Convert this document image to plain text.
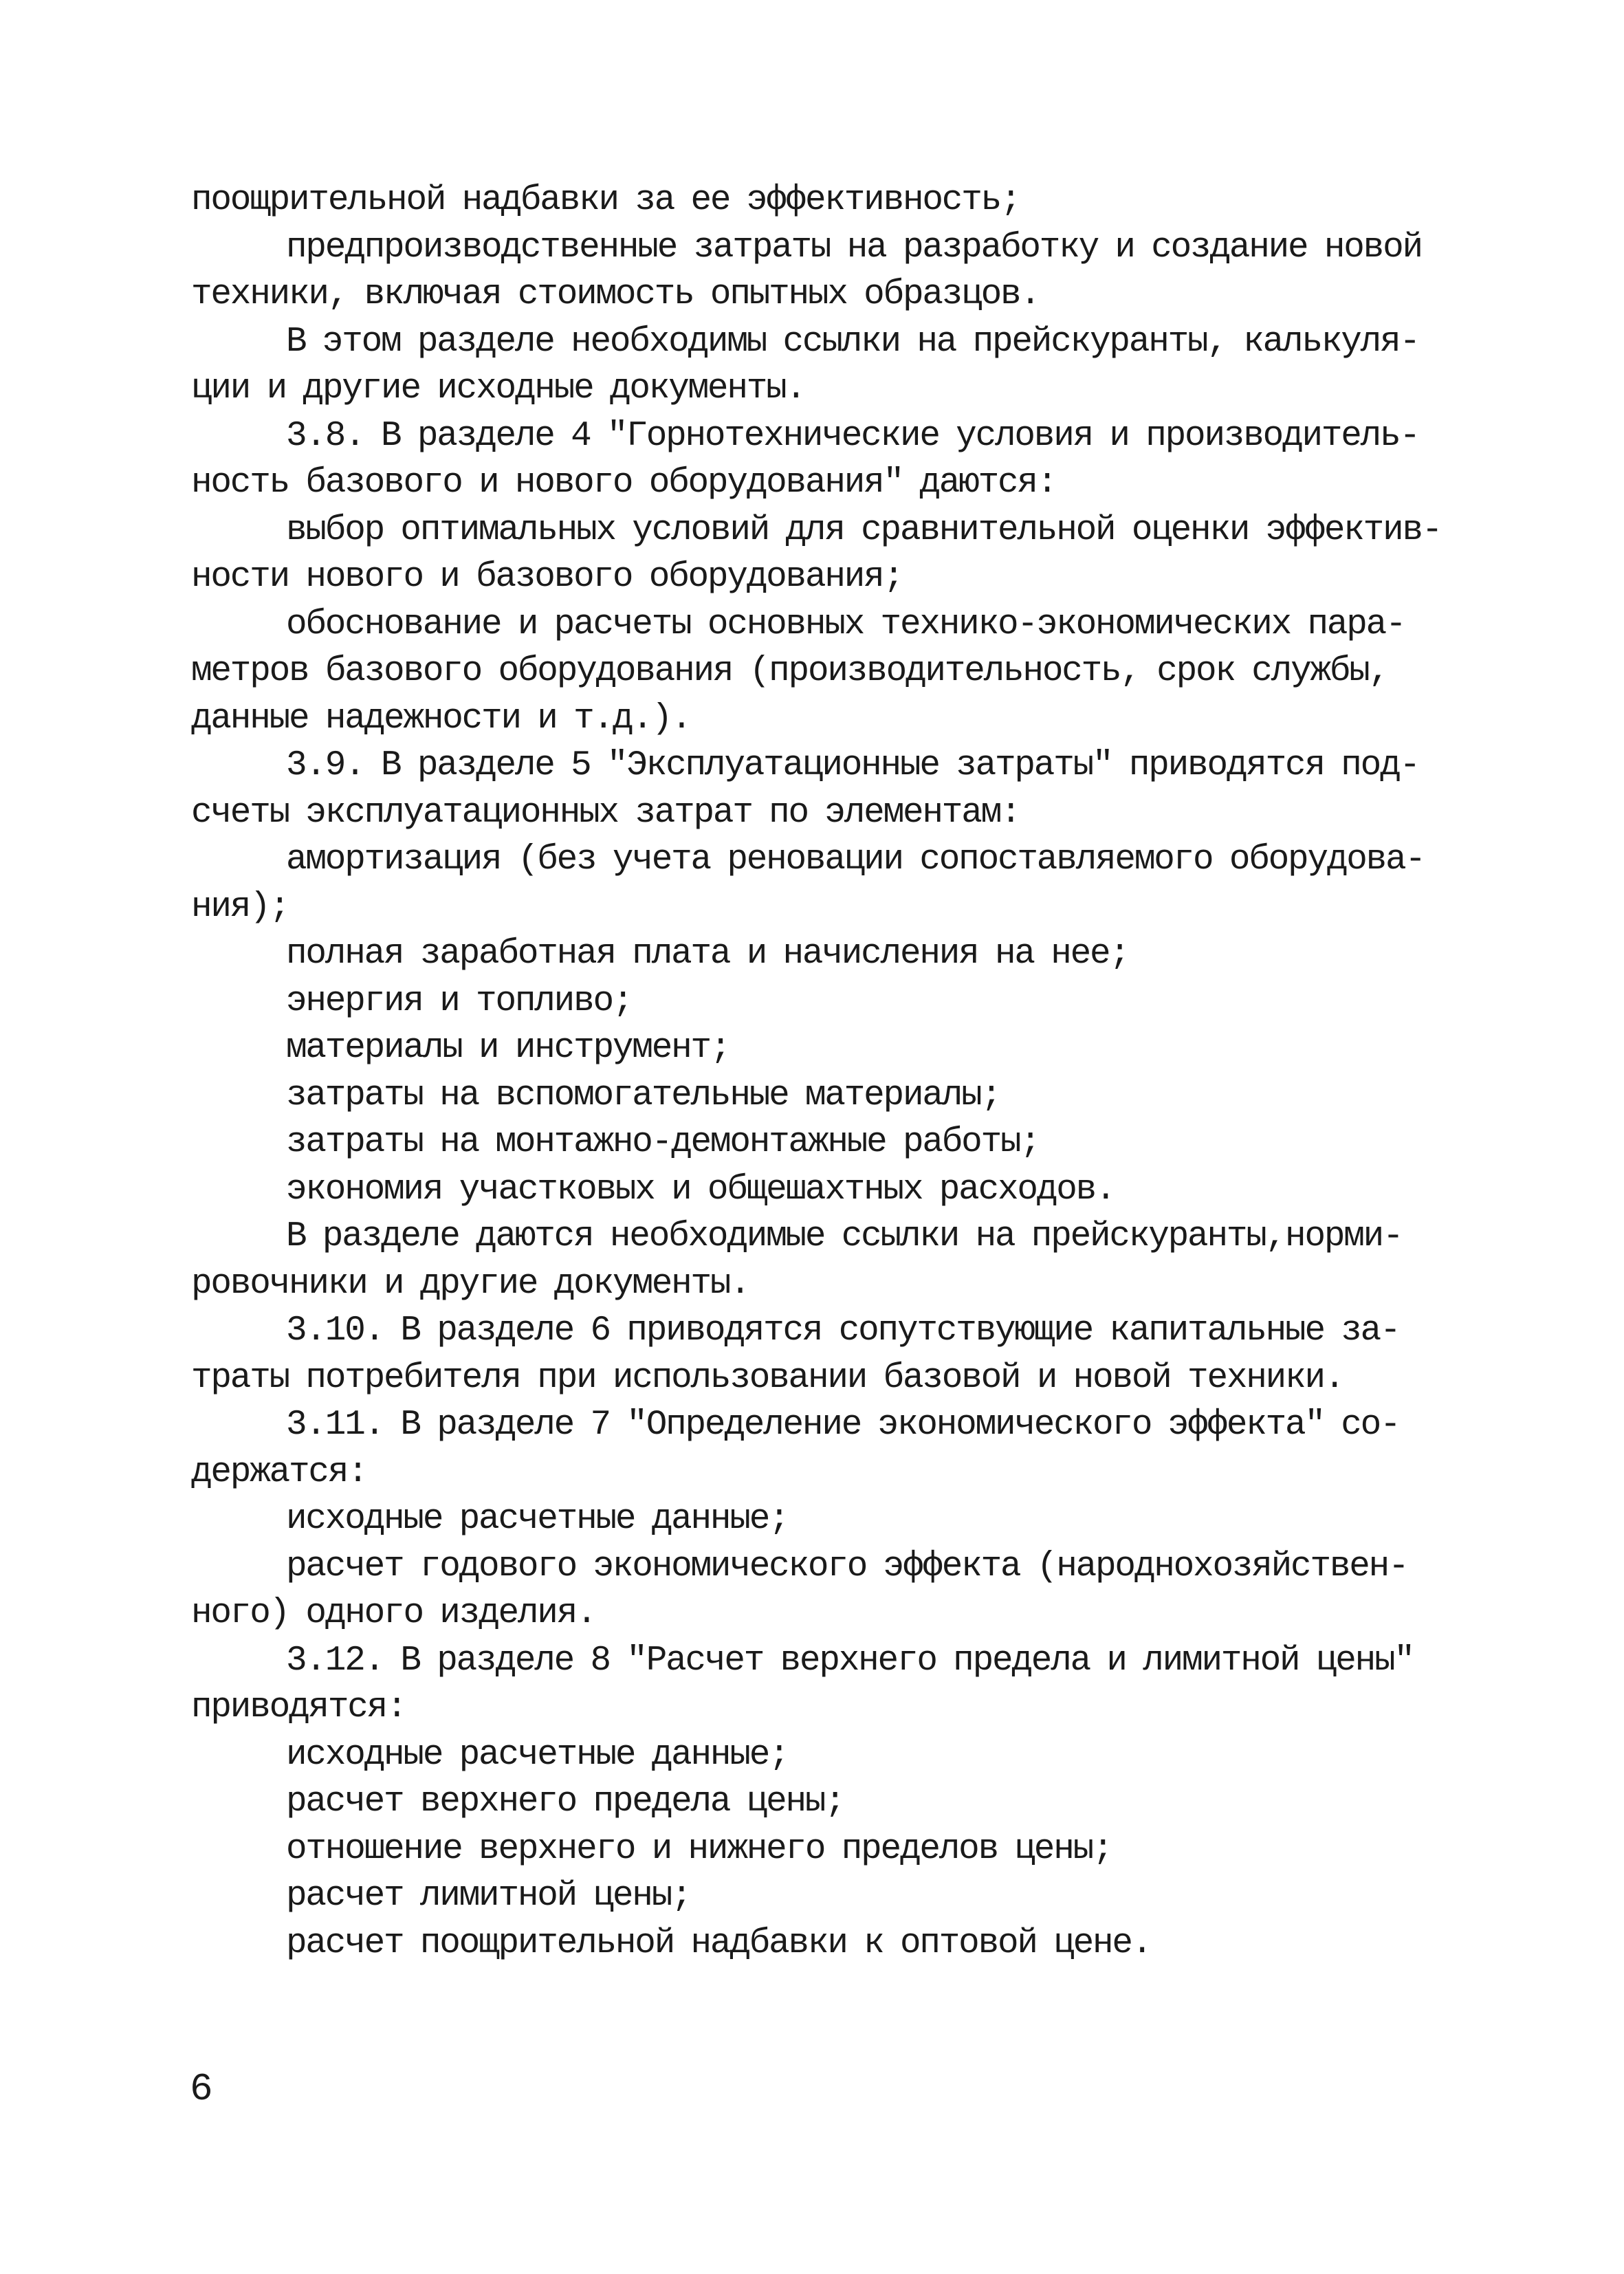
поощрительной надбавки за ее эффективность;
предпроизводственные затраты на разработку и создание новой
техники, включая стоимость опытных образцов.
В этом разделе необходимы ссылки на прейскуранты, калькуля-
ции и другие исходные документы.
3.8. В разделе 4 "Горнотехнические условия и производитель-
ность базового и нового оборудования" даются:
выбор оптимальных условий для сравнительной оценки эффектив-
ности нового и базового оборудования;
обоснование и расчеты основных технико-экономических пара-
метров базового оборудования (производительность, срок службы,
данные надежности и т.д.).
3.9. В разделе 5 "Эксплуатационные затраты" приводятся под-
счеты эксплуатационных затрат по элементам:
амортизация (без учета реновации сопоставляемого оборудова-
ния);
полная заработная плата и начисления на нее;
энергия и топливо;
материалы и инструмент;
затраты на вспомогательные материалы;
затраты на монтажно-демонтажные работы;
экономия участковых и общешахтных расходов.
В разделе даются необходимые ссылки на прейскуранты,норми-
ровочники и другие документы.
3.10. В разделе 6 приводятся сопутствующие капитальные за-
траты потребителя при использовании базовой и новой техники.
3.11. В разделе 7 "Определение экономического эффекта" со-
держатся:
исходные расчетные данные;
расчет годового экономического эффекта (народнохозяйствен-
ного) одного изделия.
3.12. В разделе 8 "Расчет верхнего предела и лимитной цены"
приводятся:
исходные расчетные данные;
расчет верхнего предела цены;
отношение верхнего и нижнего пределов цены;
расчет лимитной цены;
расчет поощрительной надбавки к оптовой цене.
6
